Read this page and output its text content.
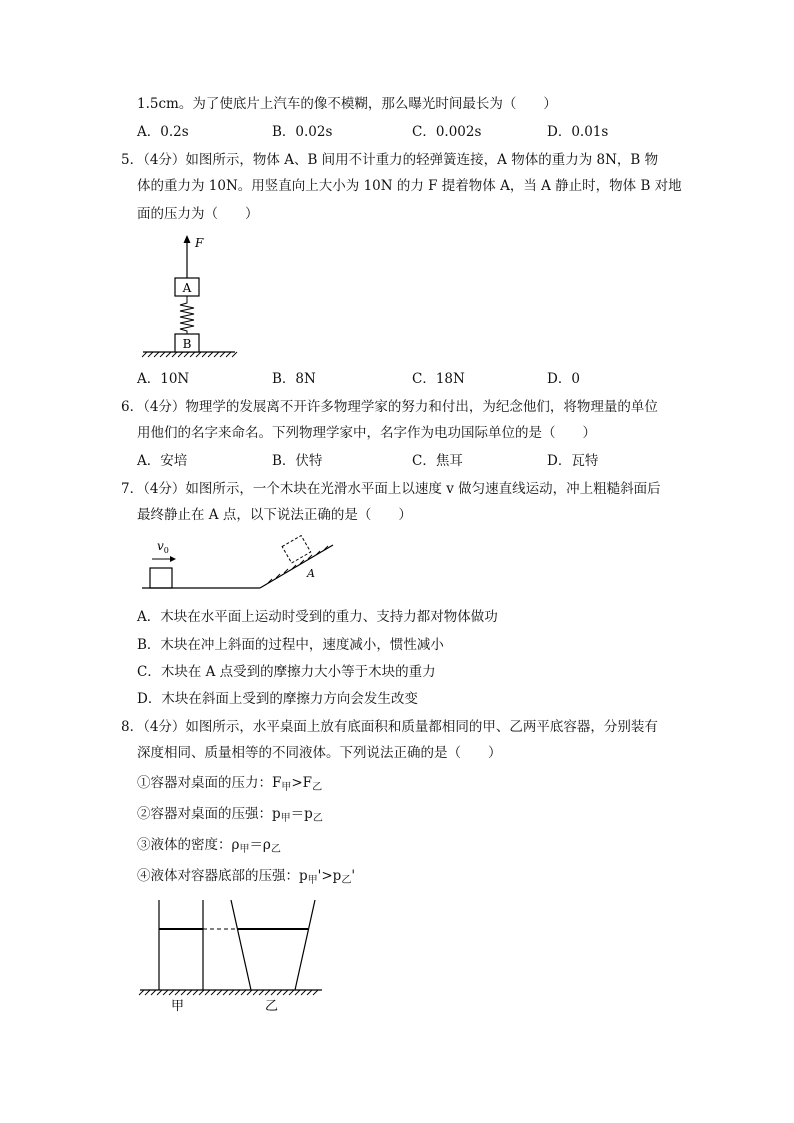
1.5cm。为了使底片上汽车的像不模糊，那么曝光时间最长为（　　）
A．0.2s	B．0.02s	C．0.002s	D．0.01s
5．（4分）如图所示，物体 A、B 间用不计重力的轻弹簧连接，A 物体的重力为 8N，B 物
体的重力为 10N。用竖直向上大小为 10N 的力 F 提着物体 A，当 A 静止时，物体 B 对地
面的压力为（　　）
B
A
F
A．10N	B．8N	C．18N	D．0
6．（4分）物理学的发展离不开许多物理学家的努力和付出，为纪念他们，将物理量的单位
用他们的名字来命名。下列物理学家中，名字作为电功国际单位的是（　　）
A．安培	B．伏特	C．焦耳	D．瓦特
7．（4分）如图所示，一个木块在光滑水平面上以速度 v 做匀速直线运动，冲上粗糙斜面后
最终静止在 A 点，以下说法正确的是（　　）
$v_0$
A
A．木块在水平面上运动时受到的重力、支持力都对物体做功
B．木块在冲上斜面的过程中，速度减小，惯性减小
C．木块在 A 点受到的摩擦力大小等于木块的重力
D．木块在斜面上受到的摩擦力方向会发生改变
8．（4分）如图所示，水平桌面上放有底面积和质量都相同的甲、乙两平底容器，分别装有
深度相同、质量相等的不同液体。下列说法正确的是（　　）
①容器对桌面的压力：$F_甲>F_乙$
②容器对桌面的压强：$p_甲=p_乙$
③液体的密度：$\rho_甲=\rho_乙$
④液体对容器底部的压强：$p_甲'>p_乙'$
甲	乙
